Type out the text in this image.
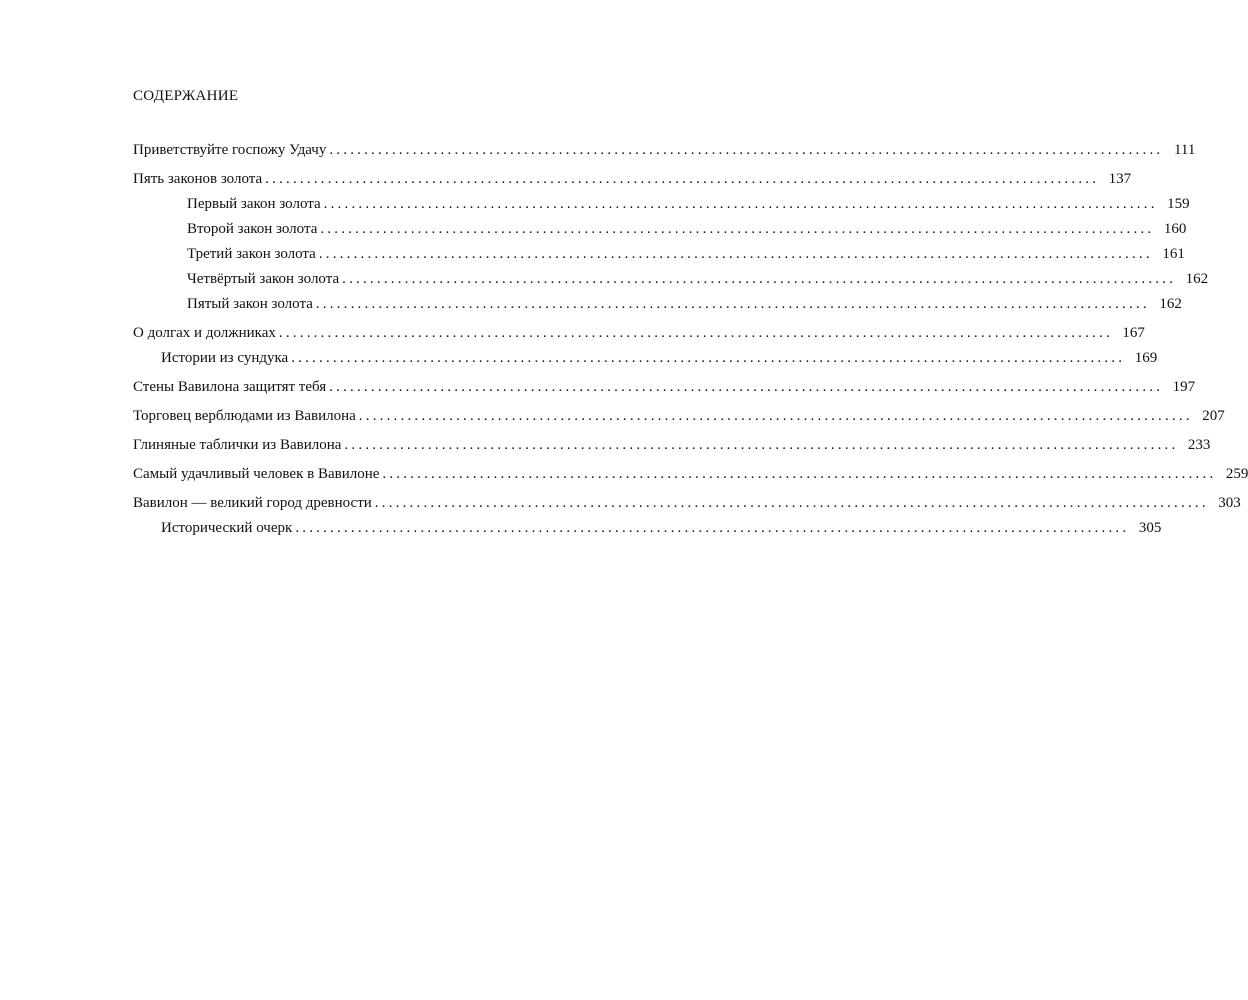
СОДЕРЖАНИЕ
Приветствуйте госпожу Удачу ........................................................................................................................ 111
Пять законов золота ........................................................................................................................ 137
Первый закон золота ........................................................................................................................ 159
Второй закон золота ........................................................................................................................ 160
Третий закон золота ........................................................................................................................ 161
Четвёртый закон золота ........................................................................................................................ 162
Пятый закон золота ........................................................................................................................ 162
О долгах и должниках ........................................................................................................................ 167
Истории из сундука ........................................................................................................................ 169
Стены Вавилона защитят тебя ........................................................................................................................ 197
Торговец верблюдами из Вавилона ........................................................................................................................ 207
Глиняные таблички из Вавилона ........................................................................................................................ 233
Самый удачливый человек в Вавилоне ........................................................................................................................ 259
Вавилон — великий город древности ........................................................................................................................ 303
Исторический очерк ........................................................................................................................ 305
